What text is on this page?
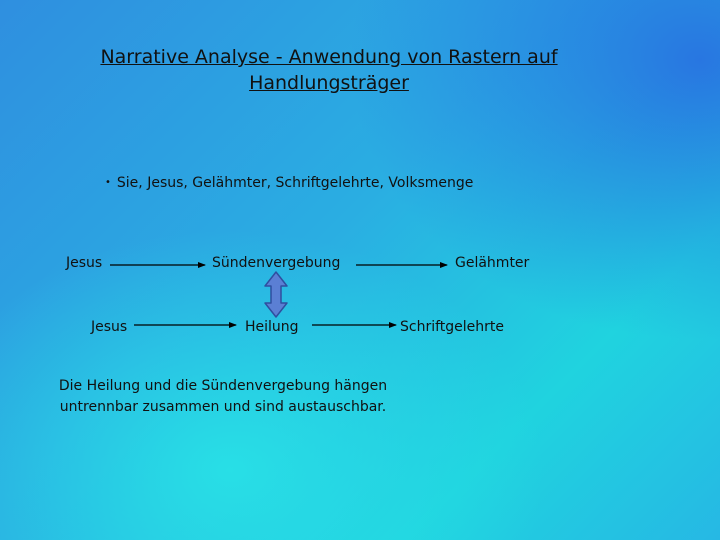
Narrative Analyse - Anwendung von Rastern auf Handlungsträger
• Sie, Jesus, Gelähmter, Schriftgelehrte, Volksmenge
Jesus	Sündenvergebung	Gelähmter
Jesus	Heilung	Schriftgelehrte
Die Heilung und die Sündenvergebung hängen untrennbar zusammen und sind austauschbar.
